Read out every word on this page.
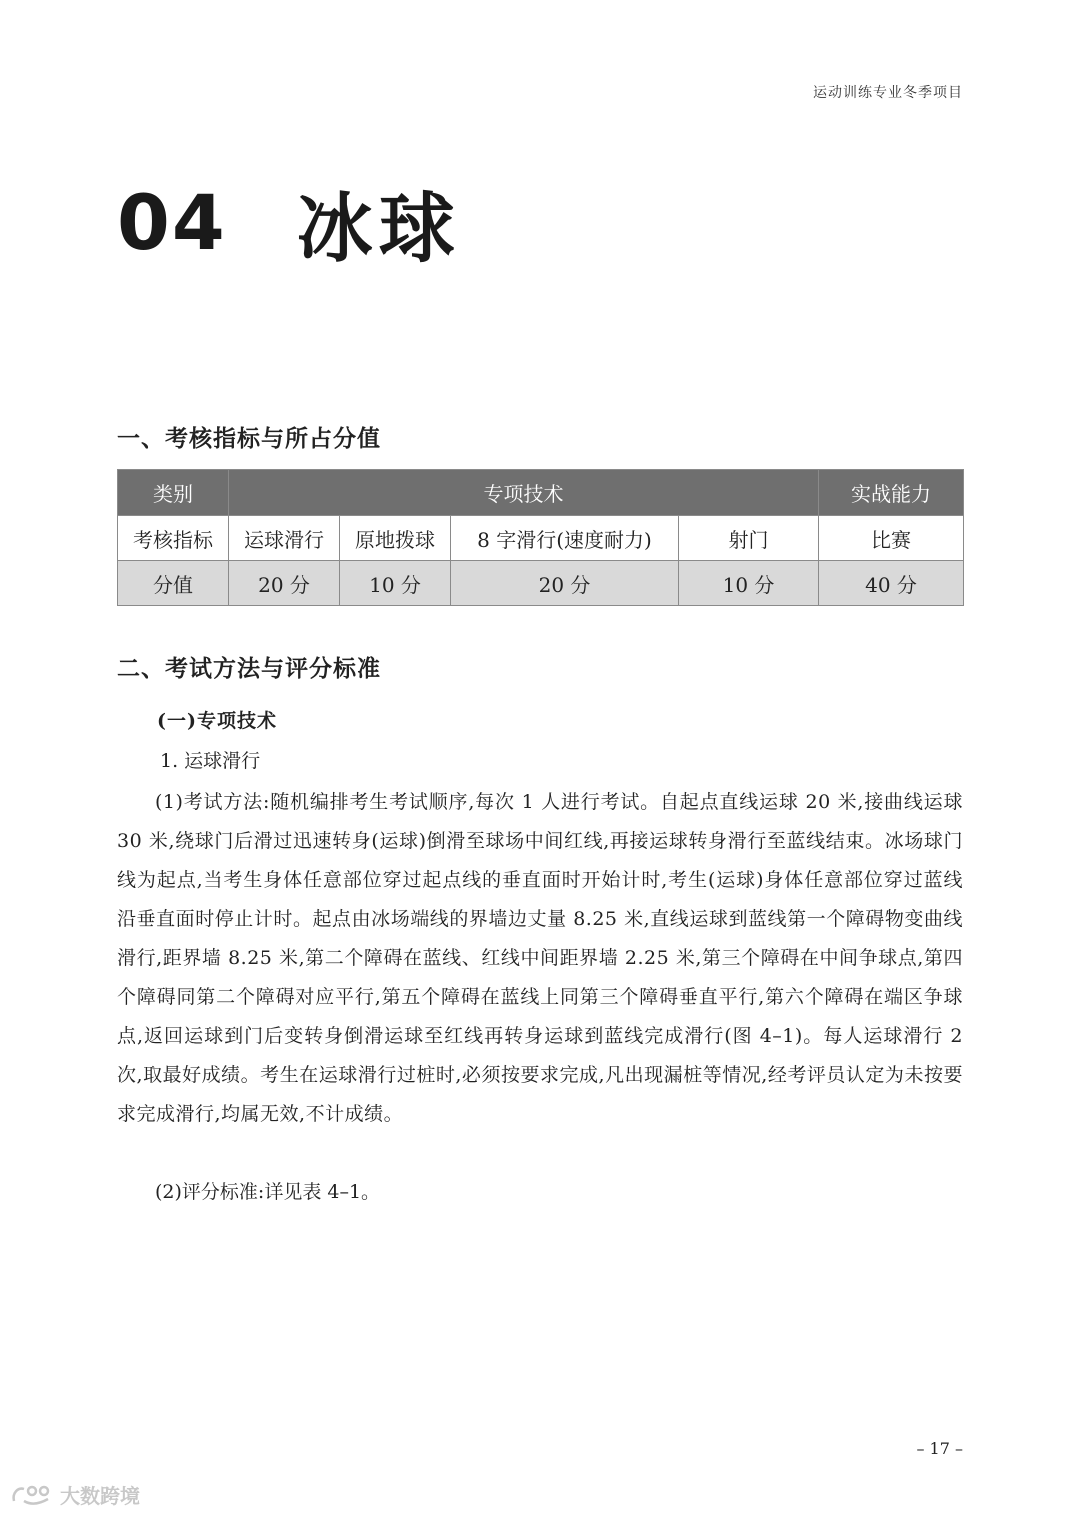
运动训练专业冬季项目
04 冰球
一、考核指标与所占分值
类别	专项技术				实战能力
考核指标	运球滑行	原地拨球	8 字滑行(速度耐力)	射门	比赛
分值	20 分	10 分	20 分	10 分	40 分
二、考试方法与评分标准
(一)专项技术
1. 运球滑行

(1)考试方法:随机编排考生考试顺序,每次 1 人进行考试。自起点直线运球 20 米,接曲线运球 30 米,绕球门后滑过迅速转身(运球)倒滑至球场中间红线,再接运球转身滑行至蓝线结束。冰场球门线为起点,当考生身体任意部位穿过起点线的垂直面时开始计时,考生(运球)身体任意部位穿过蓝线沿垂直面时停止计时。起点由冰场端线的界墙边丈量 8.25 米,直线运球到蓝线第一个障碍物变曲线滑行,距界墙 8.25 米,第二个障碍在蓝线、红线中间距界墙 2.25 米,第三个障碍在中间争球点,第四个障碍同第二个障碍对应平行,第五个障碍在蓝线上同第三个障碍垂直平行,第六个障碍在端区争球点,返回运球到门后变转身倒滑运球至红线再转身运球到蓝线完成滑行(图 4–1)。每人运球滑行 2 次,取最好成绩。考生在运球滑行过桩时,必须按要求完成,凡出现漏桩等情况,经考评员认定为未按要求完成滑行,均属无效,不计成绩。

(2)评分标准:详见表 4–1。

– 17 –
大数跨境
